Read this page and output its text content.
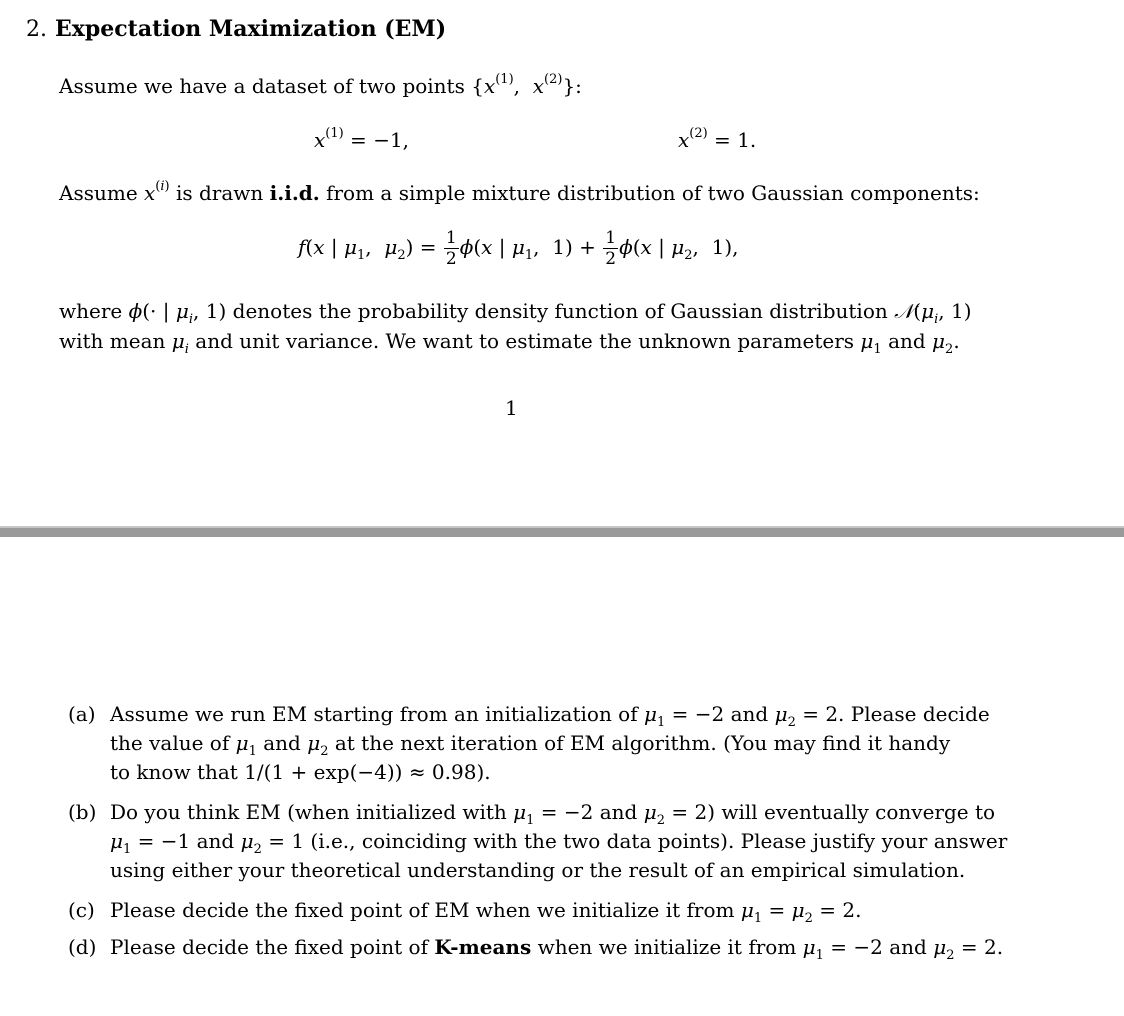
2. Expectation Maximization (EM)
Assume we have a dataset of two points {$x^{(1)}$,  $x^{(2)}$}:
$x^{(1)} = -1$,	$x^{(2)} = 1$.
Assume $x^{(i)}$ is drawn i.i.d. from a simple mixture distribution of two Gaussian components:
f(x | $\mu_1$,  $\mu_2) = \frac{1}{2} \phi(x$ | $\mu_1$,  $1) + \frac{1}{2} \phi(x$ | $\mu_2$,  1),
where ϕ(· | $\mu_i$, 1) denotes the probability density function of Gaussian distribution $𝒩(\mu_i$, 1)
with mean $\mu_i$ and unit variance. We want to estimate the unknown parameters $\mu_1$ and $\mu_2$.
1
(a) Assume we run EM starting from an initialization of $\mu_1 = -2$ and $\mu_2 = 2$. Please decide
the value of $\mu_1$ and $\mu_2$ at the next iteration of EM algorithm. (You may find it handy
to know that 1/(1 + exp(−4)) ≈ 0.98).
(b) Do you think EM (when initialized with $\mu_1 = -2$ and $\mu_2 = 2$) will eventually converge to
$\mu_1 = -1$ and $\mu_2 = 1$ (i.e., coinciding with the two data points). Please justify your answer
using either your theoretical understanding or the result of an empirical simulation.
(c) Please decide the fixed point of EM when we initialize it from $\mu_1 = \mu_2 = 2$.
(d) Please decide the fixed point of K-means when we initialize it from $\mu_1 = -2$ and $\mu_2 = 2$.
